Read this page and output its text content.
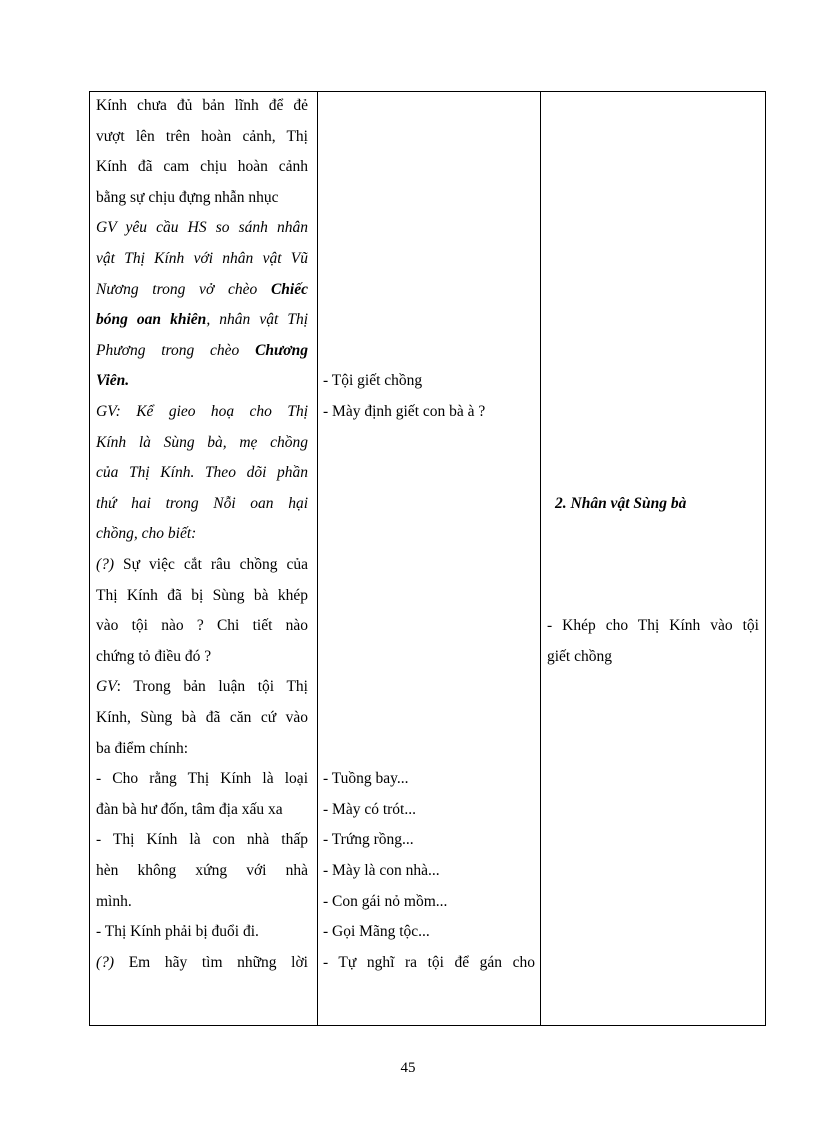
Kính chưa đủ bản lĩnh để đẻ
vượt lên trên hoàn cảnh, Thị
Kính đã cam chịu hoàn cảnh
bằng sự chịu đựng nhẫn nhục
GV yêu cầu HS so sánh nhân
vật Thị Kính với nhân vật Vũ
Nương trong vở chèo Chiếc
bóng oan khiên, nhân vật Thị
Phương trong chèo Chương
Viên.
GV: Kể gieo hoạ cho Thị
Kính là Sùng bà, mẹ chồng
của Thị Kính. Theo dõi phần
thứ hai trong Nỗi oan hại
chồng, cho biết:
(?) Sự việc cắt râu chồng của
Thị Kính đã bị Sùng bà khép
vào tội nào ? Chi tiết nào
chứng tỏ điều đó ?
GV: Trong bản luận tội Thị
Kính, Sùng bà đã căn cứ vào
ba điểm chính:
- Cho rằng Thị Kính là loại
đàn bà hư đốn, tâm địa xấu xa
- Thị Kính là con nhà thấp
hèn không xứng với nhà
mình.
- Thị Kính phải bị đuổi đi.
(?) Em hãy tìm những lời
- Tội giết chồng
- Mày định giết con bà à ?
- Tuồng bay...
- Mày có trót...
- Trứng rồng...
- Mày là con nhà...
- Con gái nỏ mồm...
- Gọi Mãng tộc...
- Tự nghĩ ra tội để gán cho
2. Nhân vật Sùng bà
- Khép cho Thị Kính vào tội
giết chồng
45
